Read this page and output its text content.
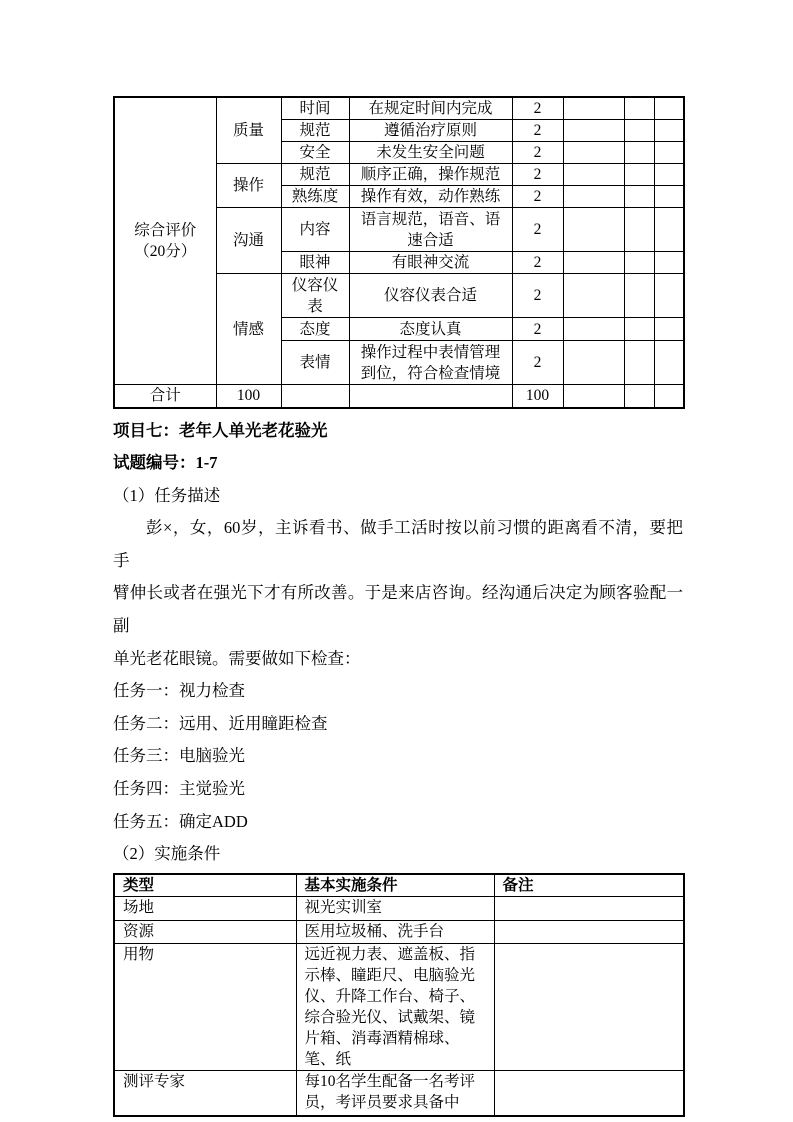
综合评价
（20分）	质量	时间	在规定时间内完成	2			
		规范	遵循治疗原则	2			
		安全	未发生安全问题	2			
	操作	规范	顺序正确，操作规范	2			
		熟练度	操作有效，动作熟练	2			
	沟通	内容	语言规范，语音、语速合适	2			
		眼神	有眼神交流	2			
	情感	仪容仪表	仪容仪表合适	2			
		态度	态度认真	2			
		表情	操作过程中表情管理到位，符合检查情境	2			
合计	100			100			

项目七：老年人单光老花验光

试题编号：1-7

（1）任务描述

彭×，女，60岁，主诉看书、做手工活时按以前习惯的距离看不清，要把手

臂伸长或者在强光下才有所改善。于是来店咨询。经沟通后决定为顾客验配一副

单光老花眼镜。需要做如下检查：

任务一：视力检查

任务二：远用、近用瞳距检查

任务三：电脑验光

任务四：主觉验光

任务五：确定ADD

（2）实施条件

类型	基本实施条件	备注
场地	视光实训室	
资源	医用垃圾桶、洗手台	
用物	远近视力表、遮盖板、指示棒、瞳距尺、电脑验光仪、升降工作台、椅子、综合验光仪、试戴架、镜片箱、消毒酒精棉球、笔、纸	
测评专家	每10名学生配备一名考评员，考评员要求具备中	
